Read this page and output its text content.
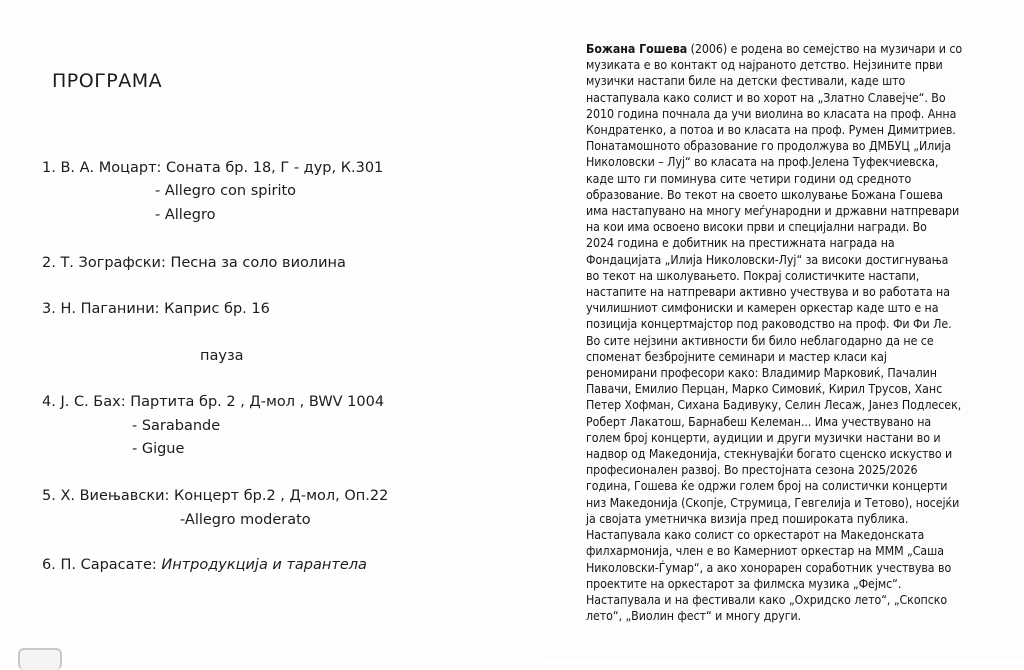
ПРОГРАМА
1. В. А. Моцарт: Соната бр. 18, Г - дур, К.301
- Allegro con spirito
- Allegro
2. Т. Зографски: Песна за соло виолина
3. Н. Паганини: Каприс бр. 16
пауза
4. J. С. Бах: Партита бр. 2 , Д-мол , BWV 1004
- Sarabande
- Gigue
5. Х. Виењавски: Концерт бр.2 , Д-мол, Оп.22
-Allegro moderato
6. П. Сарасате: Интродукција и тарантела

Божана Гошева (2006) е родена во семејство на музичари и со
музиката е во контакт од најраното детство. Нејзините први
музички настапи биле на детски фестивали, каде што
настапувала како солист и во хорот на „Златно Славејче“. Во
2010 година почнала да учи виолина во класата на проф. Анна
Кондратенко, а потоа и во класата на проф. Румен Димитриев.
Понатамошното образование го продолжува во ДМБУЦ „Илија
Николовски – Луј“ во класата на проф.Јелена Туфекчиевска,
каде што ги поминува сите четири години од средното
образование. Во текот на своето школување Божана Гошева
има настапувано на многу меѓународни и државни натпревари
на кои има освоено високи први и специјални награди. Во
2024 година е добитник на престижната награда на
Фондацијата „Илија Николовски-Луј“ за високи достигнувања
во текот на школувањето. Покрај солистичките настапи,
настапите на натпревари активно учествува и во работата на
училишниот симфониски и камерен оркестар каде што е на
позиција концертмајстор под раководство на проф. Фи Фи Ле.
Во сите нејзини активности би било неблагодарно да не се
споменат безбројните семинари и мастер класи кај
реномирани професори како: Владимир Марковиќ, Пачалин
Павачи, Емилио Перцан, Марко Симовиќ, Кирил Трусов, Ханс
Петер Хофман, Сихана Бадивуку, Селин Лесаж, Јанез Подлесек,
Роберт Лакатош, Барнабеш Келеман... Има учествувано на
голем број концерти, аудиции и други музички настани во и
надвор од Македонија, стекнувајќи богато сценско искуство и
професионален развој. Во престојната сезона 2025/2026
година, Гошева ќе одржи голем број на солистички концерти
низ Македонија (Скопје, Струмица, Гевгелија и Тетово), носејќи
ја својата уметничка визија пред пошироката публика.
Настапувала како солист со оркестарот на Македонската
филхармонија, член е во Камерниот оркестар на МММ „Саша
Николовски-Ѓумар“, а ако хонорарен соработник учествува во
проектите на оркестарот за филмска музика „Фејмс“.
Настапувала и на фестивали како „Охридско лето“, „Скопско
лето“, „Виолин фест“ и многу други.
